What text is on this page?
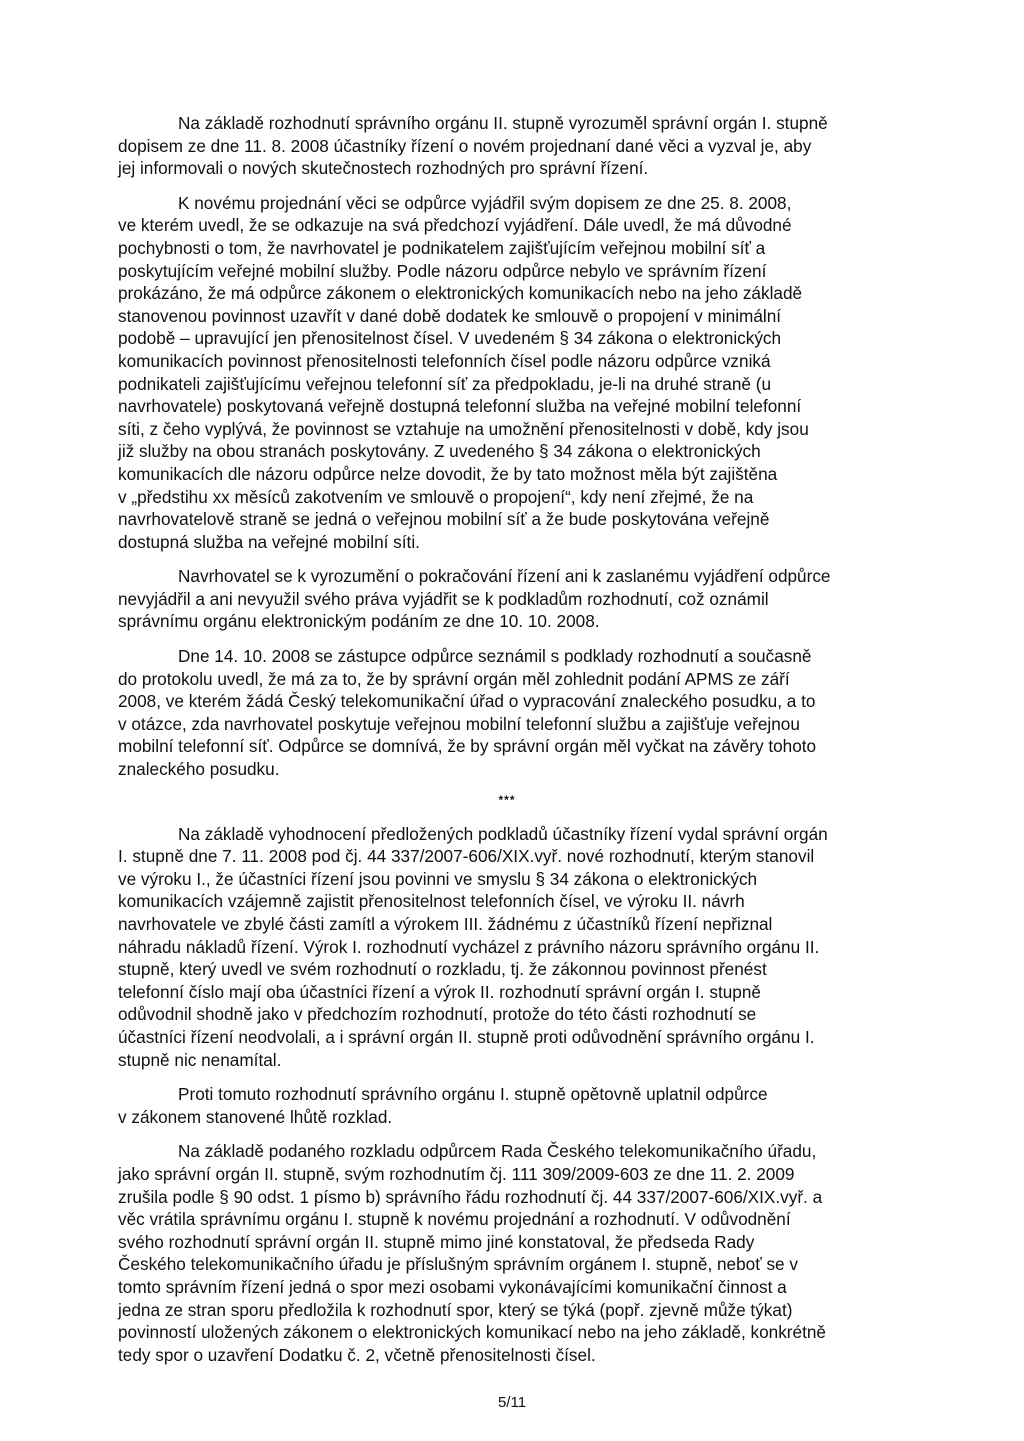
Na základě rozhodnutí správního orgánu II. stupně vyrozuměl správní orgán I. stupně
dopisem ze dne 11. 8. 2008 účastníky řízení o novém projednaní dané věci a vyzval je, aby
jej informovali o nových skutečnostech rozhodných pro správní řízení.

K novému projednání věci se odpůrce vyjádřil svým dopisem ze dne 25. 8. 2008,
ve kterém uvedl, že se odkazuje na svá předchozí vyjádření. Dále uvedl, že má důvodné
pochybnosti o tom, že navrhovatel je podnikatelem zajišťujícím veřejnou mobilní síť a
poskytujícím veřejné mobilní služby. Podle názoru odpůrce nebylo ve správním řízení
prokázáno, že má odpůrce zákonem o elektronických komunikacích nebo na jeho základě
stanovenou povinnost uzavřít v dané době dodatek ke smlouvě o propojení v minimální
podobě – upravující jen přenositelnost čísel. V uvedeném § 34 zákona o elektronických
komunikacích povinnost přenositelnosti telefonních čísel podle názoru odpůrce vzniká
podnikateli zajišťujícímu veřejnou telefonní síť za předpokladu, je-li na druhé straně (u
navrhovatele) poskytovaná veřejně dostupná telefonní služba na veřejné mobilní telefonní
síti, z čeho vyplývá, že povinnost se vztahuje na umožnění přenositelnosti v době, kdy jsou
již služby na obou stranách poskytovány. Z uvedeného § 34 zákona o elektronických
komunikacích dle názoru odpůrce nelze dovodit, že by tato možnost měla být zajištěna
v „předstihu xx měsíců zakotvením ve smlouvě o propojení“, kdy není zřejmé, že na
navrhovatelově straně se jedná o veřejnou mobilní síť a že bude poskytována veřejně
dostupná služba na veřejné mobilní síti.

Navrhovatel se k vyrozumění o pokračování řízení ani k zaslanému vyjádření odpůrce
nevyjádřil a ani nevyužil svého práva vyjádřit se k podkladům rozhodnutí, což oznámil
správnímu orgánu elektronickým podáním ze dne 10. 10. 2008.

Dne 14. 10. 2008 se zástupce odpůrce seznámil s podklady rozhodnutí a současně
do protokolu uvedl, že má za to, že by správní orgán měl zohlednit podání APMS ze září
2008, ve kterém žádá Český telekomunikační úřad o vypracování znaleckého posudku, a to
v otázce, zda navrhovatel poskytuje veřejnou mobilní telefonní službu a zajišťuje veřejnou
mobilní telefonní síť. Odpůrce se domnívá, že by správní orgán měl vyčkat na závěry tohoto
znaleckého posudku.

***

Na základě vyhodnocení předložených podkladů účastníky řízení vydal správní orgán
I. stupně dne 7. 11. 2008 pod čj. 44 337/2007-606/XIX.vyř. nové rozhodnutí, kterým stanovil
ve výroku I., že účastníci řízení jsou povinni ve smyslu § 34 zákona o elektronických
komunikacích vzájemně zajistit přenositelnost telefonních čísel, ve výroku II. návrh
navrhovatele ve zbylé části zamítl a výrokem III. žádnému z účastníků řízení nepřiznal
náhradu nákladů řízení. Výrok I. rozhodnutí vycházel z právního názoru správního orgánu II.
stupně, který uvedl ve svém rozhodnutí o rozkladu, tj. že zákonnou povinnost přenést
telefonní číslo mají oba účastníci řízení a výrok II. rozhodnutí správní orgán I. stupně
odůvodnil shodně jako v předchozím rozhodnutí, protože do této části rozhodnutí se
účastníci řízení neodvolali, a i správní orgán II. stupně proti odůvodnění správního orgánu I.
stupně nic nenamítal.

Proti tomuto rozhodnutí správního orgánu I. stupně opětovně uplatnil odpůrce
v zákonem stanovené lhůtě rozklad.

Na základě podaného rozkladu odpůrcem Rada Českého telekomunikačního úřadu,
jako správní orgán II. stupně, svým rozhodnutím čj. 111 309/2009-603 ze dne 11. 2. 2009
zrušila podle § 90 odst. 1 písmo b) správního řádu rozhodnutí čj. 44 337/2007-606/XIX.vyř. a
věc vrátila správnímu orgánu I. stupně k novému projednání a rozhodnutí. V odůvodnění
svého rozhodnutí správní orgán II. stupně mimo jiné konstatoval, že předseda Rady
Českého telekomunikačního úřadu je příslušným správním orgánem I. stupně, neboť se v
tomto správním řízení jedná o spor mezi osobami vykonávajícími komunikační činnost a
jedna ze stran sporu předložila k rozhodnutí spor, který se týká (popř. zjevně může týkat)
povinností uložených zákonem o elektronických komunikací nebo na jeho základě, konkrétně
tedy spor o uzavření Dodatku č. 2, včetně přenositelnosti čísel.

5/11
